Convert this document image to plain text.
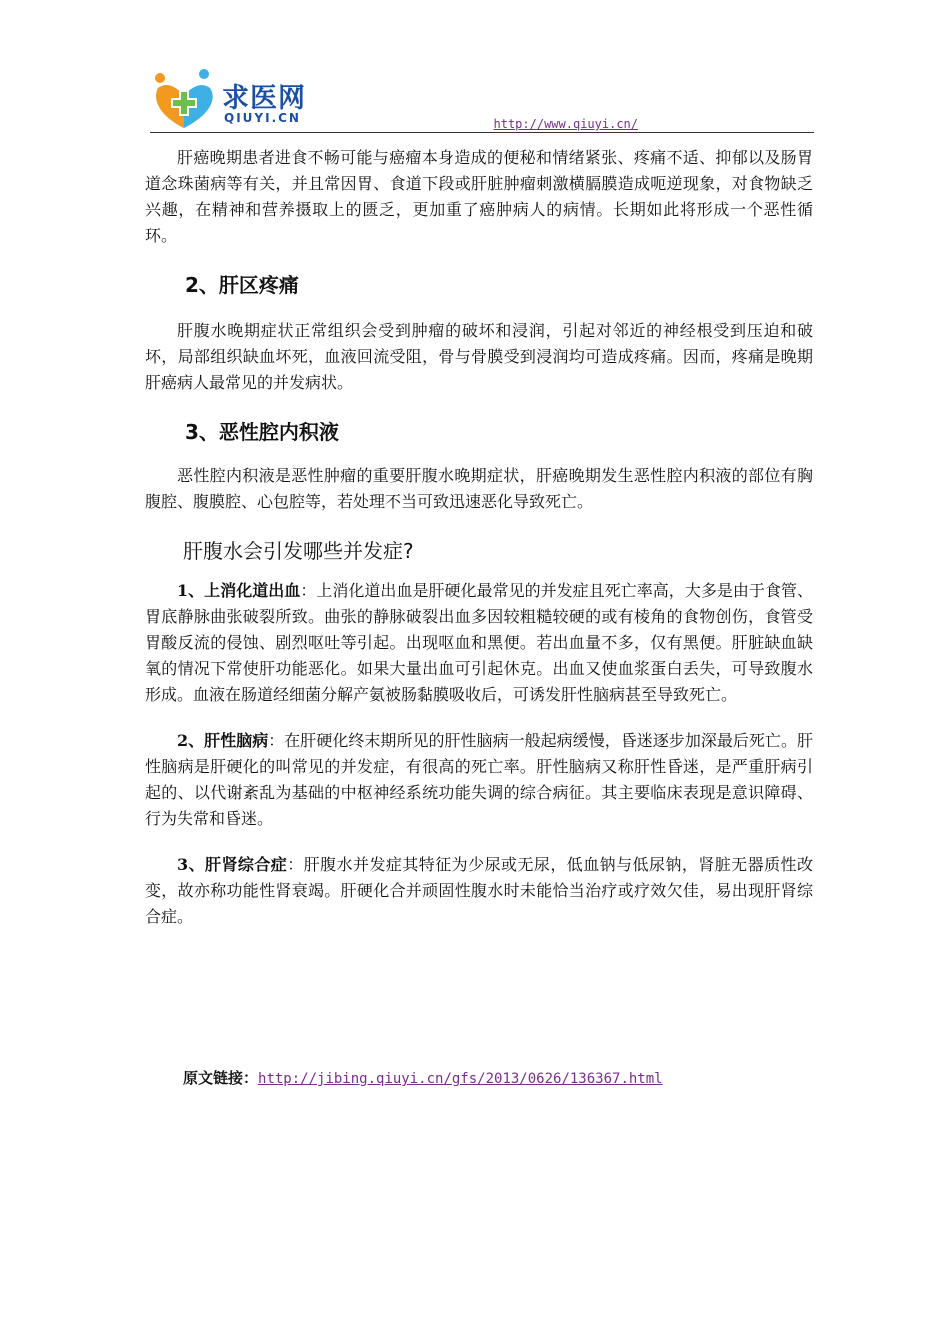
求医网
QIUYI.CN	http://www.qiuyi.cn/

肝癌晚期患者进食不畅可能与癌瘤本身造成的便秘和情绪紧张、疼痛不适、抑郁以及肠胃道念珠菌病等有关，并且常因胃、食道下段或肝脏肿瘤刺激横膈膜造成呃逆现象，对食物缺乏兴趣，在精神和营养摄取上的匮乏，更加重了癌肿病人的病情。长期如此将形成一个恶性循环。

2、肝区疼痛

肝腹水晚期症状正常组织会受到肿瘤的破坏和浸润，引起对邻近的神经根受到压迫和破坏，局部组织缺血坏死，血液回流受阻，骨与骨膜受到浸润均可造成疼痛。因而，疼痛是晚期肝癌病人最常见的并发病状。

3、恶性腔内积液

恶性腔内积液是恶性肿瘤的重要肝腹水晚期症状，肝癌晚期发生恶性腔内积液的部位有胸腹腔、腹膜腔、心包腔等，若处理不当可致迅速恶化导致死亡。

肝腹水会引发哪些并发症?

1、上消化道出血：上消化道出血是肝硬化最常见的并发症且死亡率高，大多是由于食管、胃底静脉曲张破裂所致。曲张的静脉破裂出血多因较粗糙较硬的或有棱角的食物创伤，食管受胃酸反流的侵蚀、剧烈呕吐等引起。出现呕血和黑便。若出血量不多，仅有黑便。肝脏缺血缺氧的情况下常使肝功能恶化。如果大量出血可引起休克。出血又使血浆蛋白丢失，可导致腹水形成。血液在肠道经细菌分解产氨被肠黏膜吸收后，可诱发肝性脑病甚至导致死亡。

2、肝性脑病：在肝硬化终末期所见的肝性脑病一般起病缓慢，昏迷逐步加深最后死亡。肝性脑病是肝硬化的叫常见的并发症，有很高的死亡率。肝性脑病又称肝性昏迷，是严重肝病引起的、以代谢紊乱为基础的中枢神经系统功能失调的综合病征。其主要临床表现是意识障碍、行为失常和昏迷。

3、肝肾综合症：肝腹水并发症其特征为少尿或无尿，低血钠与低尿钠，肾脏无器质性改变，故亦称功能性肾衰竭。肝硬化合并顽固性腹水时未能恰当治疗或疗效欠佳，易出现肝肾综合症。

原文链接：http://jibing.qiuyi.cn/gfs/2013/0626/136367.html
